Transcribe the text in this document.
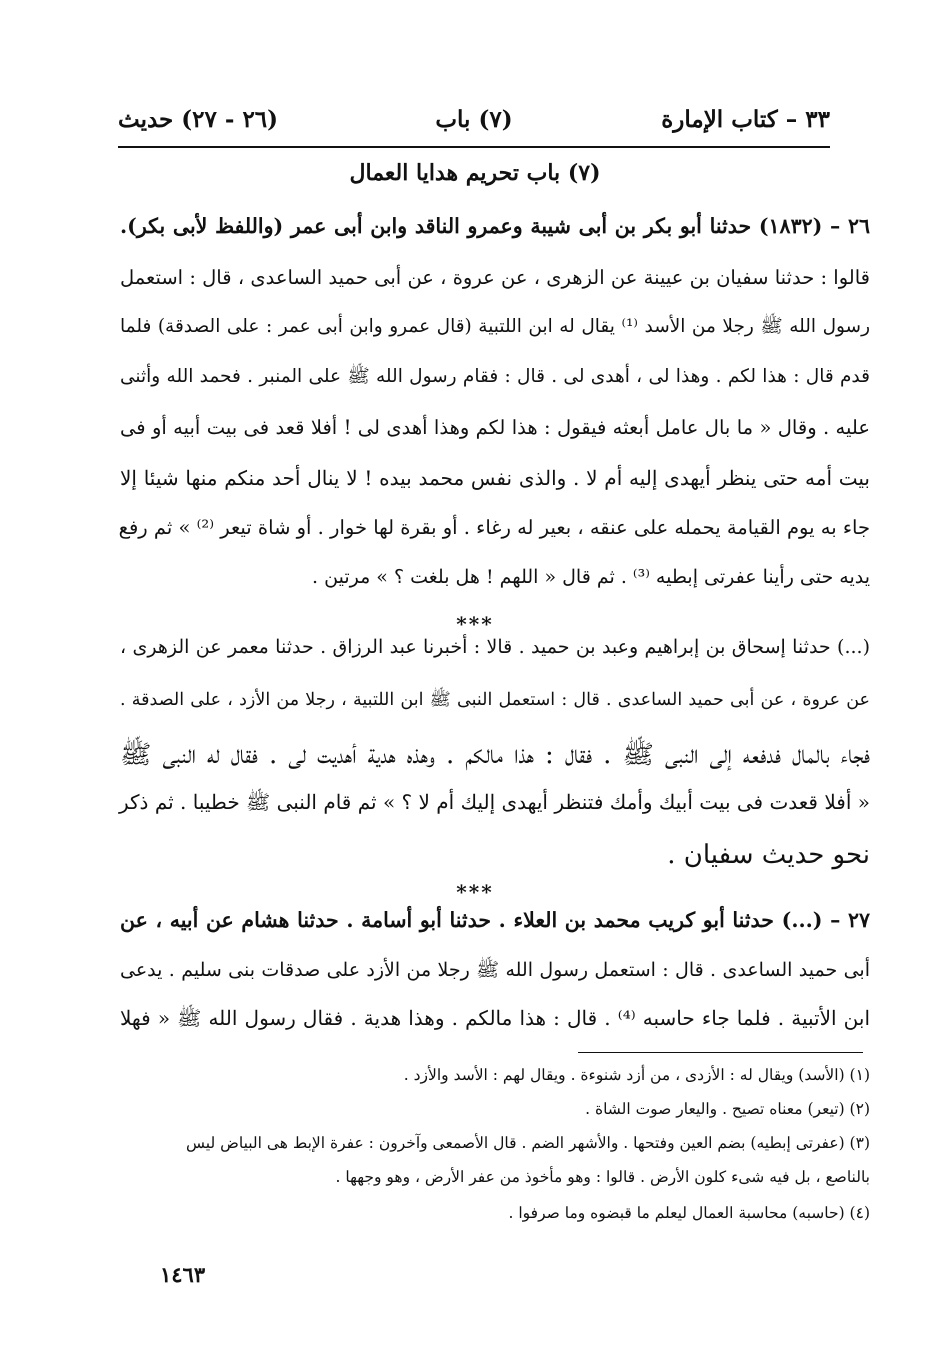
٣٣ – كتاب الإمارة
(٧) باب
(٢٦ - ٢٧) حديث
(٧) باب تحريم هدايا العمال
٢٦ – (١٨٣٢) حدثنا أبو بكر بن أبى شيبة وعمرو الناقد وابن أبى عمر (واللفظ لأبى بكر).
قالوا : حدثنا سفيان بن عيينة عن الزهرى ، عن عروة ، عن أبى حميد الساعدى ، قال : استعمل
رسول الله ﷺ رجلا من الأسد ⁽¹⁾ يقال له ابن اللتبية (قال عمرو وابن أبى عمر : على الصدقة) فلما
قدم قال : هذا لكم . وهذا لى ، أهدى لى . قال : فقام رسول الله ﷺ على المنبر . فحمد الله وأثنى
عليه . وقال « ما بال عامل أبعثه فيقول : هذا لكم وهذا أهدى لى ! أفلا قعد فى بيت أبيه أو فى
بيت أمه حتى ينظر أيهدى إليه أم لا . والذى نفس محمد بيده ! لا ينال أحد منكم منها شيئا إلا
جاء به يوم القيامة يحمله على عنقه ، بعير له رغاء . أو بقرة لها خوار . أو شاة تيعر ⁽²⁾ » ثم رفع
يديه حتى رأينا عفرتى إبطيه ⁽³⁾ . ثم قال « اللهم ! هل بلغت ؟ » مرتين .
(...) حدثنا إسحاق بن إبراهيم وعبد بن حميد . قالا : أخبرنا عبد الرزاق . حدثنا معمر عن الزهرى ،
عن عروة ، عن أبى حميد الساعدى . قال : استعمل النبى ﷺ ابن اللتبية ، رجلا من الأزد ، على الصدقة .
فجاء بالمال فدفعه إلى النبى ﷺ . فقال : هذا مالكم . وهذه هدية أهديت لى . فقال له النبى ﷺ
« أفلا قعدت فى بيت أبيك وأمك فتنظر أيهدى إليك أم لا ؟ » ثم قام النبى ﷺ خطيبا . ثم ذكر
نحو حديث سفيان .
٢٧ – (...) حدثنا أبو كريب محمد بن العلاء . حدثنا أبو أسامة . حدثنا هشام عن أبيه ، عن
أبى حميد الساعدى . قال : استعمل رسول الله ﷺ رجلا من الأزد على صدقات بنى سليم . يدعى
ابن الأتبية . فلما جاء حاسبه ⁽⁴⁾ . قال : هذا مالكم . وهذا هدية . فقال رسول الله ﷺ « فهلا
***
***
(١) (الأسد) ويقال له : الأزدى ، من أزد شنوءة . ويقال لهم : الأسد والأزد .
(٢) (تيعر) معناه تصيح . واليعار صوت الشاة .
(٣) (عفرتى إبطيه) بضم العين وفتحها . والأشهر الضم . قال الأصمعى وآخرون : عفرة الإبط هى البياض ليس
بالناصع ، بل فيه شىء كلون الأرض . قالوا : وهو مأخوذ من عفر الأرض ، وهو وجهها .
(٤) (حاسبه) محاسبة العمال ليعلم ما قبضوه وما صرفوا .
١٤٦٣
